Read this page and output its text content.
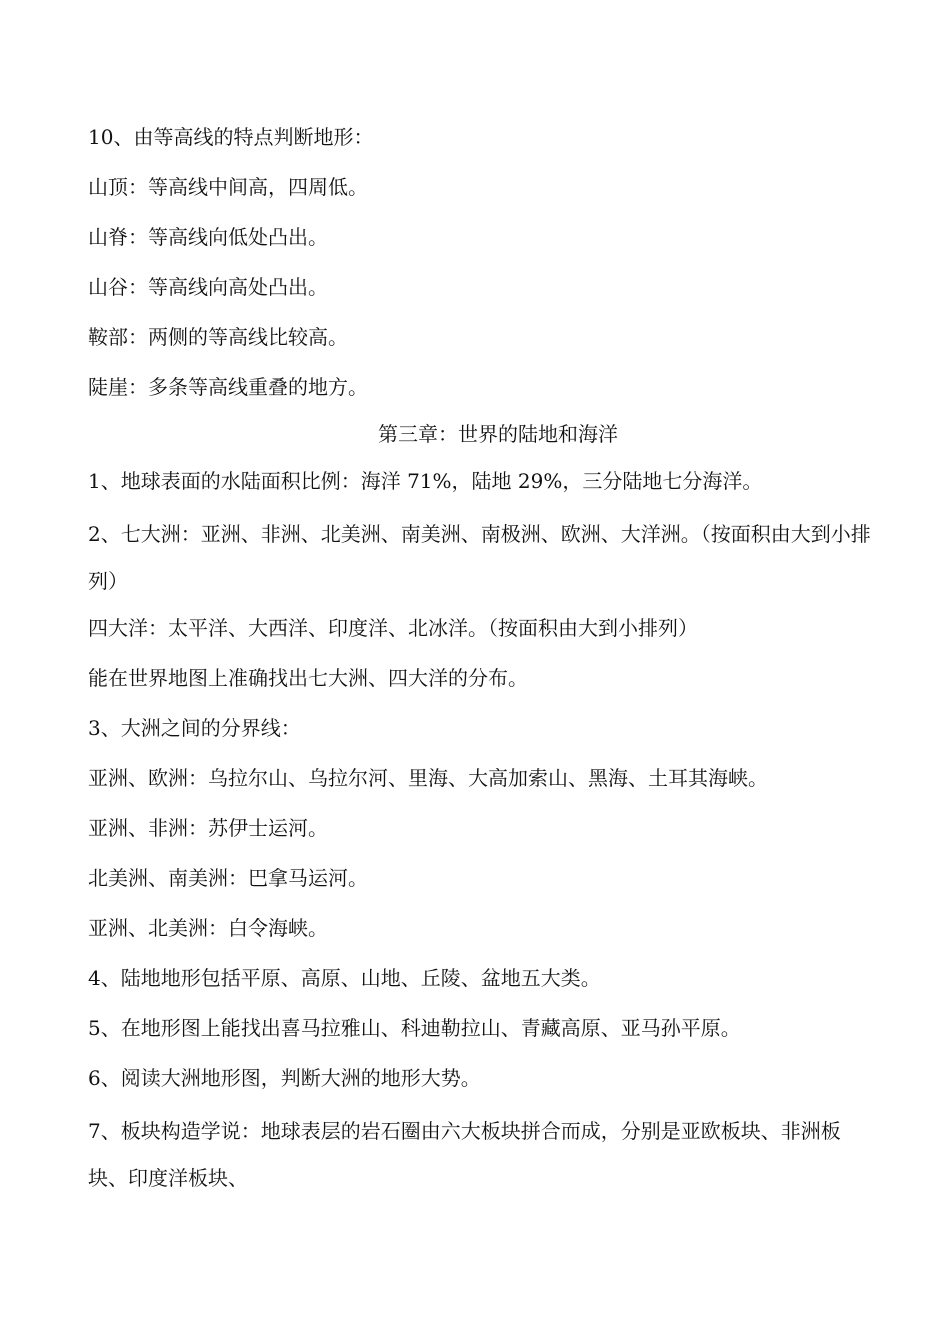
10、由等高线的特点判断地形：

山顶：等高线中间高，四周低。

山脊：等高线向低处凸出。

山谷：等高线向高处凸出。

鞍部：两侧的等高线比较高。

陡崖：多条等高线重叠的地方。

第三章：世界的陆地和海洋

1、地球表面的水陆面积比例：海洋 71%，陆地 29%，三分陆地七分海洋。

2、七大洲：亚洲、非洲、北美洲、南美洲、南极洲、欧洲、大洋洲。（按面积由大到小排列）

四大洋：太平洋、大西洋、印度洋、北冰洋。（按面积由大到小排列）

能在世界地图上准确找出七大洲、四大洋的分布。

3、大洲之间的分界线：

亚洲、欧洲：乌拉尔山、乌拉尔河、里海、大高加索山、黑海、土耳其海峡。

亚洲、非洲：苏伊士运河。

北美洲、南美洲：巴拿马运河。

亚洲、北美洲：白令海峡。

4、陆地地形包括平原、高原、山地、丘陵、盆地五大类。

5、在地形图上能找出喜马拉雅山、科迪勒拉山、青藏高原、亚马孙平原。

6、阅读大洲地形图，判断大洲的地形大势。

7、板块构造学说：地球表层的岩石圈由六大板块拼合而成，分别是亚欧板块、非洲板块、印度洋板块、
